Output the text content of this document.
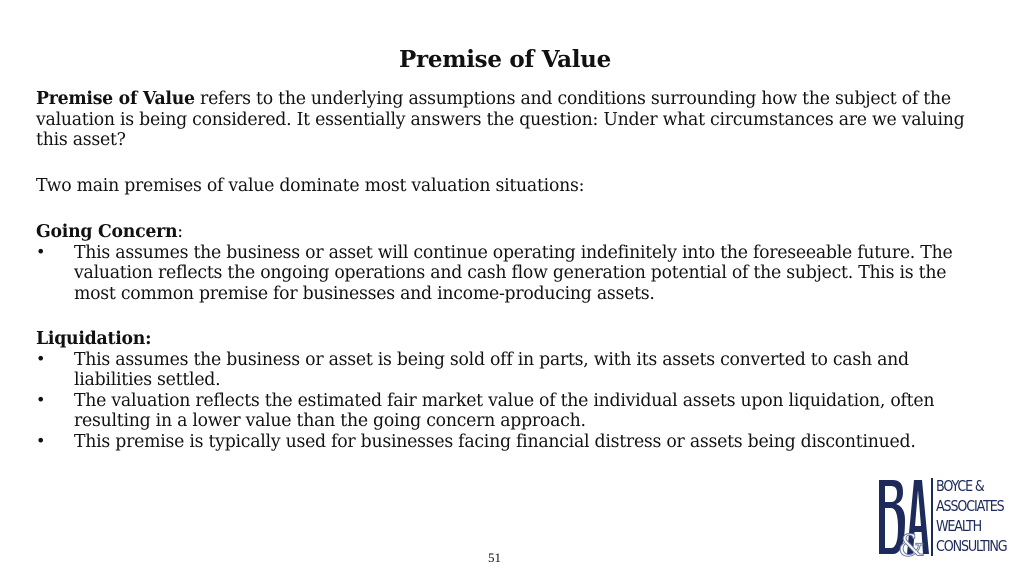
Premise of Value

Premise of Value refers to the underlying assumptions and conditions surrounding how the subject of the valuation is being considered. It essentially answers the question: Under what circumstances are we valuing this asset?

Two main premises of value dominate most valuation situations:

Going Concern:

• This assumes the business or asset will continue operating indefinitely into the foreseeable future. The valuation reflects the ongoing operations and cash flow generation potential of the subject. This is the most common premise for businesses and income-producing assets.

Liquidation:

• This assumes the business or asset is being sold off in parts, with its assets converted to cash and liabilities settled.
• The valuation reflects the estimated fair market value of the individual assets upon liquidation, often resulting in a lower value than the going concern approach.
• This premise is typically used for businesses facing financial distress or assets being discontinued.
&
BOYCE &
ASSOCIATES
WEALTH
CONSULTING
51
